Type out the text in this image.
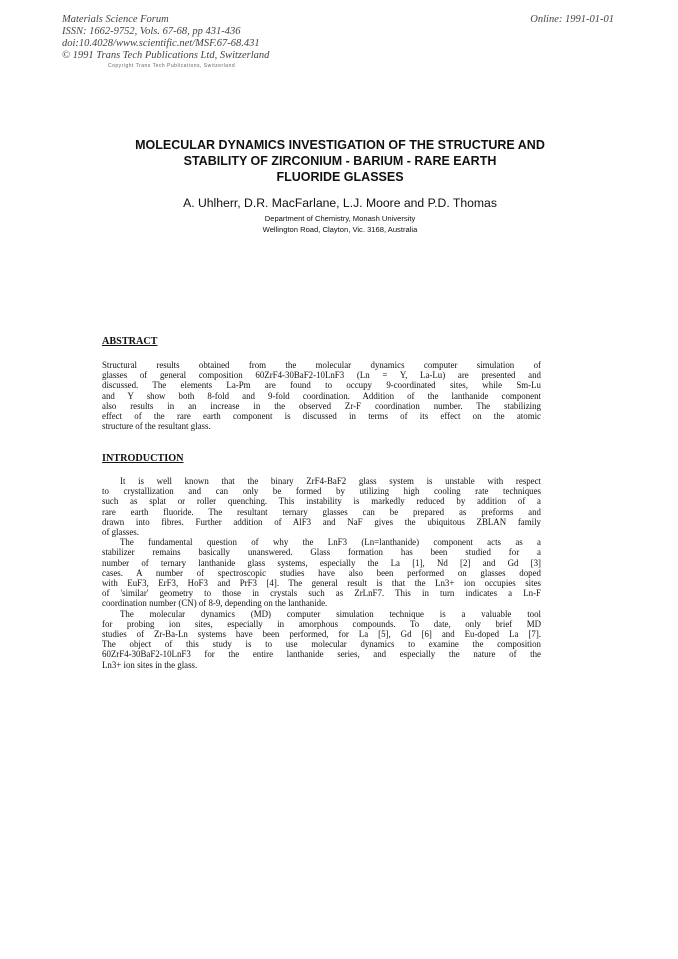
Materials Science Forum
ISSN: 1662-9752, Vols. 67-68, pp 431-436
doi:10.4028/www.scientific.net/MSF.67-68.431
© 1991 Trans Tech Publications Ltd, Switzerland
Online: 1991-01-01
Copyright Trans Tech Publications, Switzerland
MOLECULAR DYNAMICS INVESTIGATION OF THE STRUCTURE AND
STABILITY OF ZIRCONIUM - BARIUM - RARE EARTH
FLUORIDE GLASSES
A. Uhlherr, D.R. MacFarlane, L.J. Moore and P.D. Thomas
Department of Chemistry, Monash University
Wellington Road, Clayton, Vic. 3168, Australia
ABSTRACT
Structural results obtained from the molecular dynamics computer simulation of
glasses of general composition 60ZrF4-30BaF2-10LnF3 (Ln = Y, La-Lu) are presented and
discussed. The elements La-Pm are found to occupy 9-coordinated sites, while Sm-Lu
and Y show both 8-fold and 9-fold coordination. Addition of the lanthanide component
also results in an increase in the observed Zr-F coordination number. The stabilizing
effect of the rare earth component is discussed in terms of its effect on the atomic
structure of the resultant glass.
INTRODUCTION
It is well known that the binary ZrF4-BaF2 glass system is unstable with respect
to crystallization and can only be formed by utilizing high cooling rate techniques
such as splat or roller quenching. This instability is markedly reduced by addition of a
rare earth fluoride. The resultant ternary glasses can be prepared as preforms and
drawn into fibres. Further addition of AlF3 and NaF gives the ubiquitous ZBLAN family
of glasses.
The fundamental question of why the LnF3 (Ln=lanthanide) component acts as a
stabilizer remains basically unanswered. Glass formation has been studied for a
number of ternary lanthanide glass systems, especially the La [1], Nd [2] and Gd [3]
cases. A number of spectroscopic studies have also been performed on glasses doped
with EuF3, ErF3, HoF3 and PrF3 [4]. The general result is that the Ln3+ ion occupies sites
of 'similar' geometry to those in crystals such as ZrLnF7. This in turn indicates a Ln-F
coordination number (CN) of 8-9, depending on the lanthanide.
The molecular dynamics (MD) computer simulation technique is a valuable tool
for probing ion sites, especially in amorphous compounds. To date, only brief MD
studies of Zr-Ba-Ln systems have been performed, for La [5], Gd [6] and Eu-doped La [7].
The object of this study is to use molecular dynamics to examine the composition
60ZrF4-30BaF2-10LnF3 for the entire lanthanide series, and especially the nature of the
Ln3+ ion sites in the glass.
